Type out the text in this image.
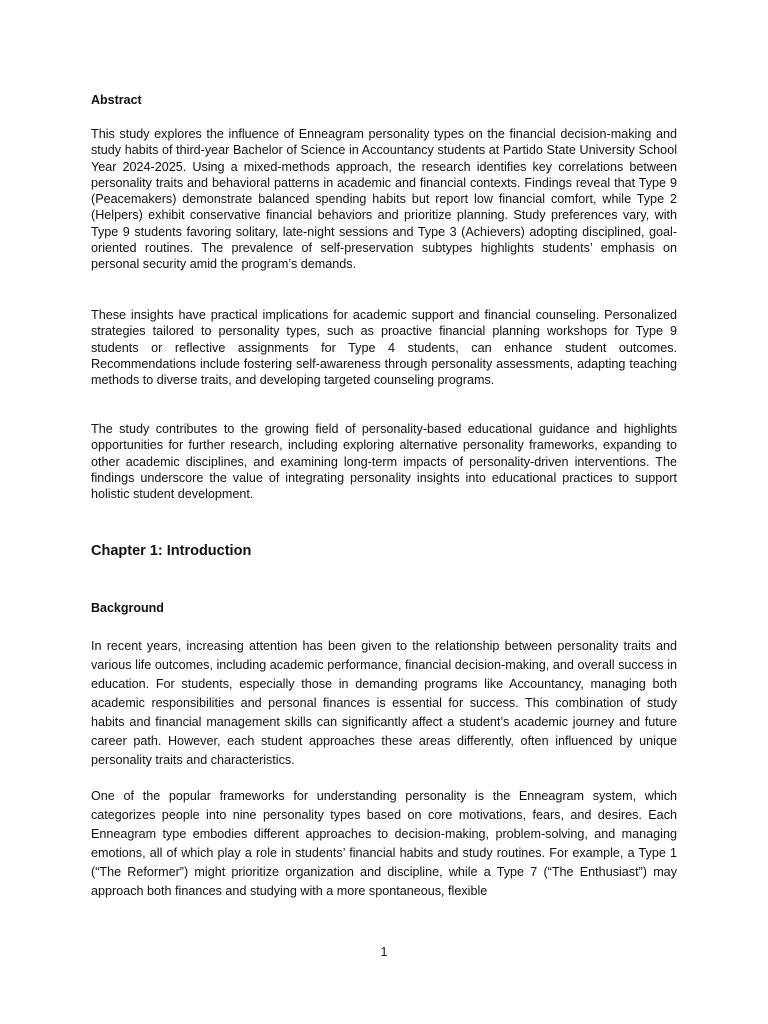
Abstract

This study explores the influence of Enneagram personality types on the financial decision-making and study habits of third-year Bachelor of Science in Accountancy students at Partido State University School Year 2024-2025. Using a mixed-methods approach, the research identifies key correlations between personality traits and behavioral patterns in academic and financial contexts. Findings reveal that Type 9 (Peacemakers) demonstrate balanced spending habits but report low financial comfort, while Type 2 (Helpers) exhibit conservative financial behaviors and prioritize planning. Study preferences vary, with Type 9 students favoring solitary, late-night sessions and Type 3 (Achievers) adopting disciplined, goal-oriented routines. The prevalence of self-preservation subtypes highlights students’ emphasis on personal security amid the program’s demands.

These insights have practical implications for academic support and financial counseling. Personalized strategies tailored to personality types, such as proactive financial planning workshops for Type 9 students or reflective assignments for Type 4 students, can enhance student outcomes. Recommendations include fostering self-awareness through personality assessments, adapting teaching methods to diverse traits, and developing targeted counseling programs.

The study contributes to the growing field of personality-based educational guidance and highlights opportunities for further research, including exploring alternative personality frameworks, expanding to other academic disciplines, and examining long-term impacts of personality-driven interventions. The findings underscore the value of integrating personality insights into educational practices to support holistic student development.

Chapter 1: Introduction
Background

In recent years, increasing attention has been given to the relationship between personality traits and various life outcomes, including academic performance, financial decision-making, and overall success in education. For students, especially those in demanding programs like Accountancy, managing both academic responsibilities and personal finances is essential for success. This combination of study habits and financial management skills can significantly affect a student’s academic journey and future career path. However, each student approaches these areas differently, often influenced by unique personality traits and characteristics.

One of the popular frameworks for understanding personality is the Enneagram system, which categorizes people into nine personality types based on core motivations, fears, and desires. Each Enneagram type embodies different approaches to decision-making, problem-solving, and managing emotions, all of which play a role in students’ financial habits and study routines. For example, a Type 1 (“The Reformer”) might prioritize organization and discipline, while a Type 7 (“The Enthusiast”) may approach both finances and studying with a more spontaneous, flexible

1
